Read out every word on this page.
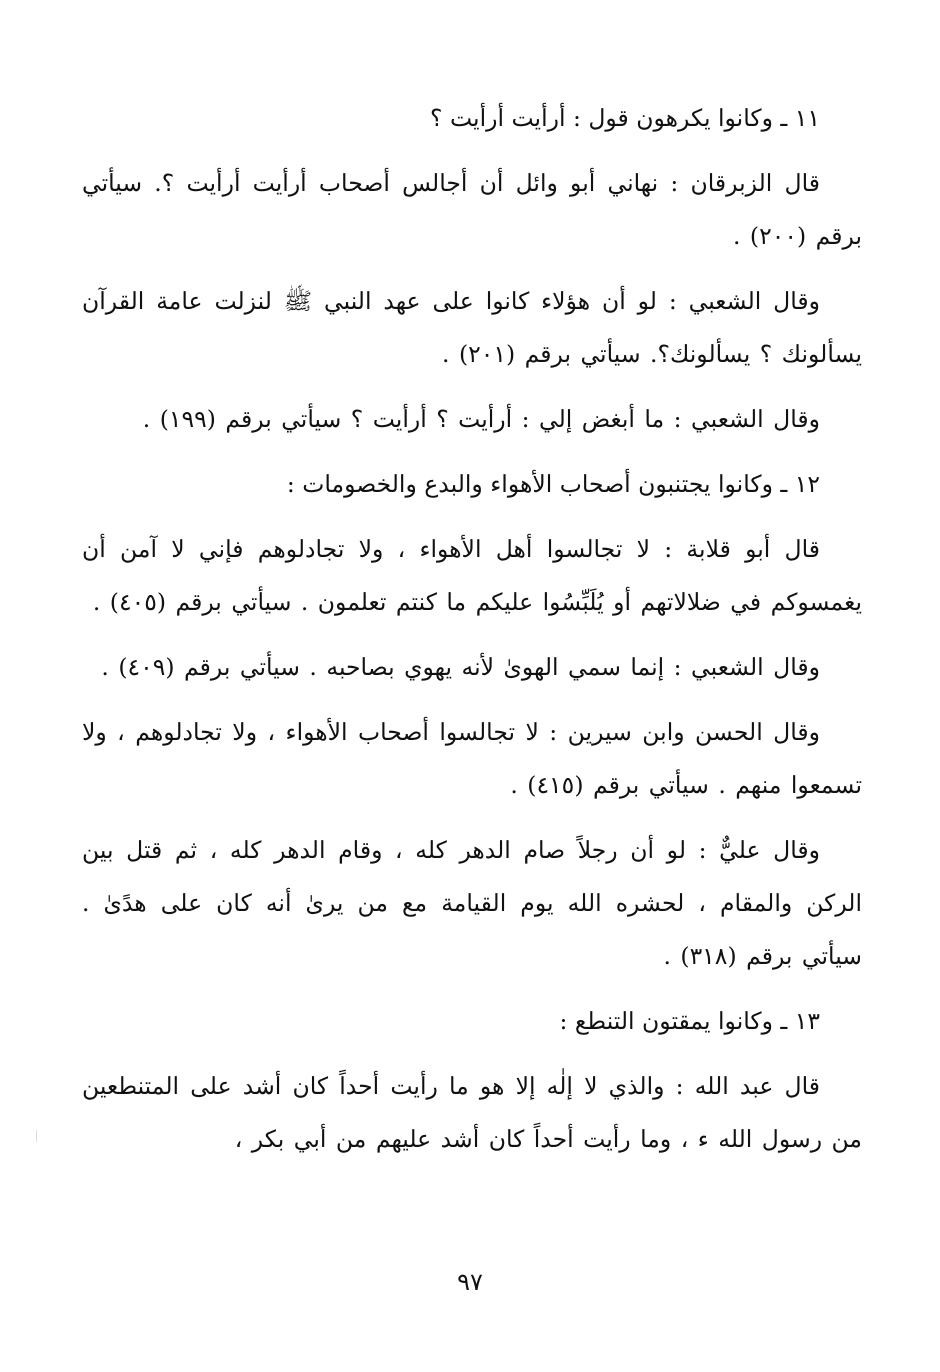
١١ ـ وكانوا يكرهون قول : أرأيت أرأيت ؟

قال الزبرقان : نهاني أبو وائل أن أجالس أصحاب أرأيت أرأيت ؟. سيأتي برقم (٢٠٠) .

وقال الشعبي : لو أن هؤلاء كانوا على عهد النبي ﷺ لنزلت عامة القرآن يسألونك ؟ يسألونك؟. سيأتي برقم (٢٠١) .

وقال الشعبي : ما أبغض إلي : أرأيت ؟ أرأيت ؟ سيأتي برقم (١٩٩) .

١٢ ـ وكانوا يجتنبون أصحاب الأهواء والبدع والخصومات :

قال أبو قلابة : لا تجالسوا أهل الأهواء ، ولا تجادلوهم فإني لا آمن أن يغمسوكم في ضلالاتهم أو يُلَبِّسُوا عليكم ما كنتم تعلمون . سيأتي برقم (٤٠٥) .

وقال الشعبي : إنما سمي الهوىٰ لأنه يهوي بصاحبه . سيأتي برقم (٤٠٩) .

وقال الحسن وابن سيرين : لا تجالسوا أصحاب الأهواء ، ولا تجادلوهم ، ولا تسمعوا منهم . سيأتي برقم (٤١٥) .

وقال عليٌّ : لو أن رجلاً صام الدهر كله ، وقام الدهر كله ، ثم قتل بين الركن والمقام ، لحشره الله يوم القيامة مع من يرىٰ أنه كان على هدًىٰ . سيأتي برقم (٣١٨) .

١٣ ـ وكانوا يمقتون التنطع :

قال عبد الله : والذي لا إلٰه إلا هو ما رأيت أحداً كان أشد على المتنطعين من رسول الله ء ، وما رأيت أحداً كان أشد عليهم من أبي بكر ،

٩٧
